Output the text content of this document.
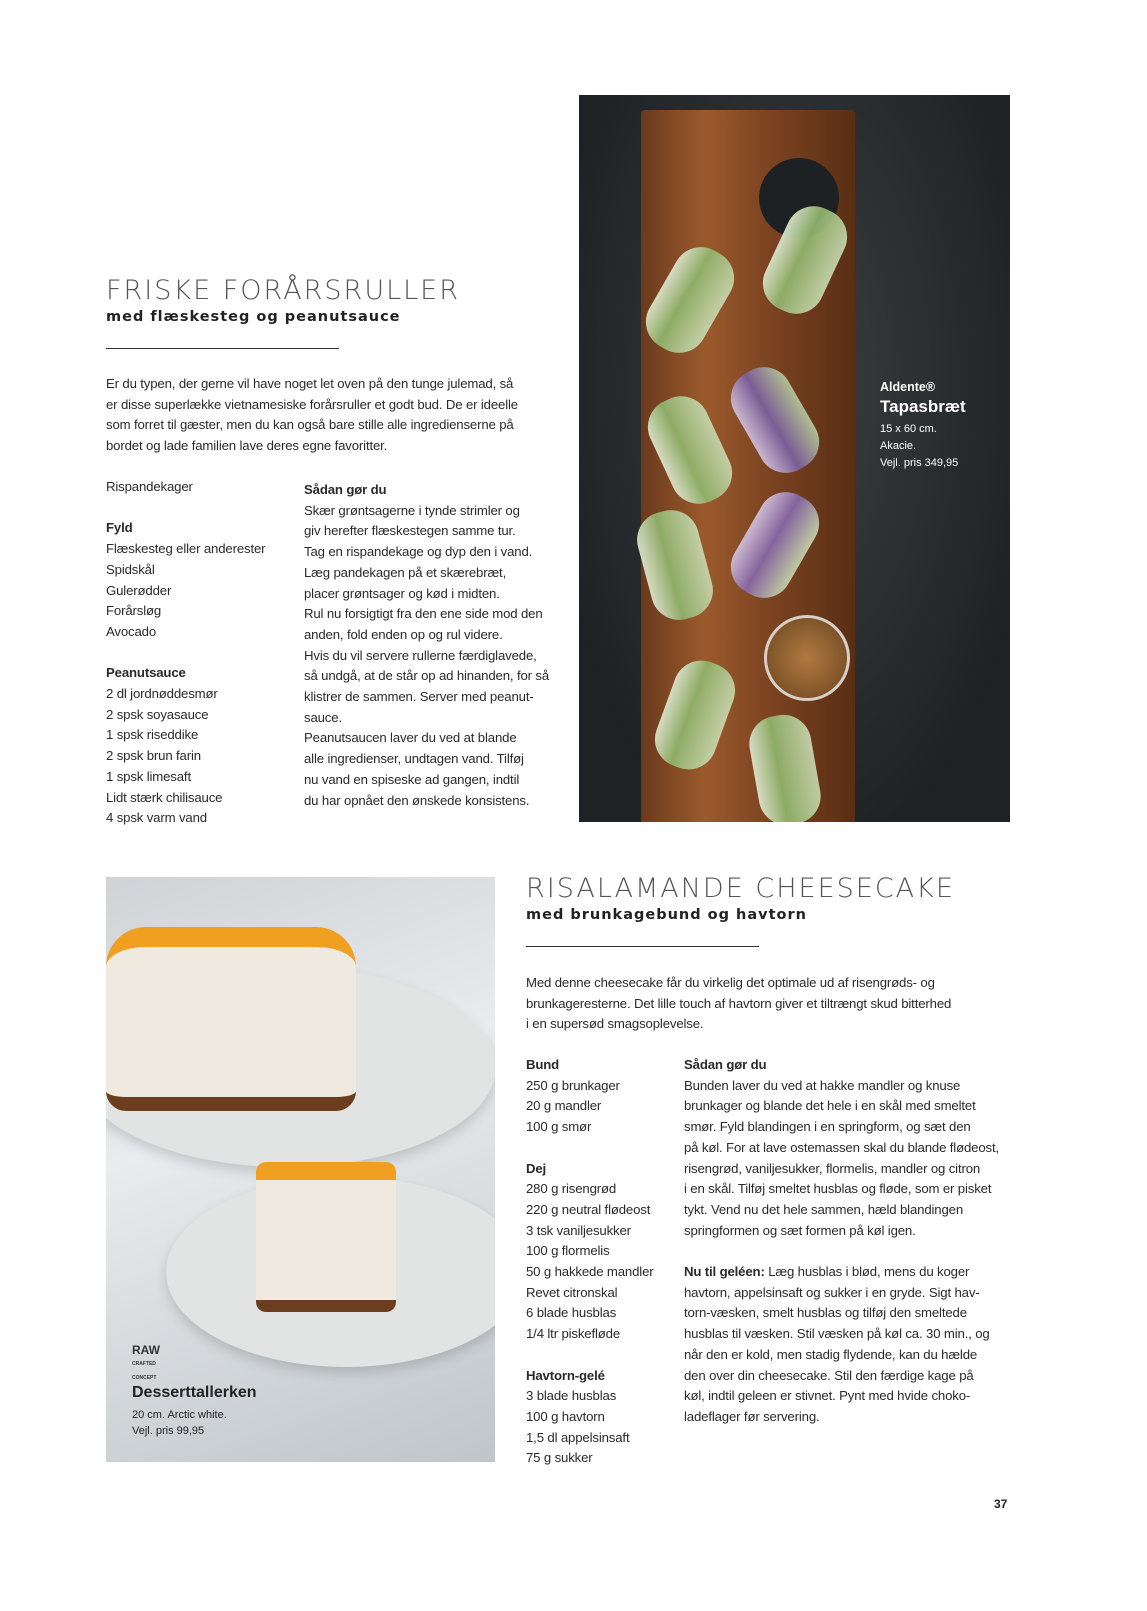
FRISKE FORÅRSRULLER
med flæskesteg og peanutsauce
Er du typen, der gerne vil have noget let oven på den tunge julemad, så
er disse superlække vietnamesiske forårsruller et godt bud. De er ideelle
som forret til gæster, men du kan også bare stille alle ingredienserne på
bordet og lade familien lave deres egne favoritter.
Rispandekager
Fyld
Flæskesteg eller anderester
Spidskål
Gulerødder
Forårsløg
Avocado
Peanutsauce
2 dl jordnøddesmør
2 spsk soyasauce
1 spsk riseddike
2 spsk brun farin
1 spsk limesaft
Lidt stærk chilisauce
4 spsk varm vand
Sådan gør du
Skær grøntsagerne i tynde strimler og
giv herefter flæskestegen samme tur.
Tag en rispandekage og dyp den i vand.
Læg pandekagen på et skærebræt,
placer grøntsager og kød i midten.
Rul nu forsigtigt fra den ene side mod den
anden, fold enden op og rul videre.
Hvis du vil servere rullerne færdiglavede,
så undgå, at de står op ad hinanden, for så
klistrer de sammen. Server med peanut-
sauce.
Peanutsaucen laver du ved at blande
alle ingredienser, undtagen vand. Tilføj
nu vand en spiseske ad gangen, indtil
du har opnået den ønskede konsistens.
Aldente®
Tapasbræt
15 x 60 cm.
Akacie.
Vejl. pris 349,95
RAW
CRAFTED
CONCEPT
Desserttallerken
20 cm. Arctic white.
Vejl. pris 99,95
RISALAMANDE CHEESECAKE
med brunkagebund og havtorn
Med denne cheesecake får du virkelig det optimale ud af risengrøds- og
brunkageresterne. Det lille touch af havtorn giver et tiltrængt skud bitterhed
i en supersød smagsoplevelse.
Bund
250 g brunkager
20 g mandler
100 g smør
Dej
280 g risengrød
220 g neutral flødeost
3 tsk vaniljesukker
100 g flormelis
50 g hakkede mandler
Revet citronskal
6 blade husblas
1/4 ltr piskefløde
Havtorn-gelé
3 blade husblas
100 g havtorn
1,5 dl appelsinsaft
75 g sukker
Sådan gør du
Bunden laver du ved at hakke mandler og knuse
brunkager og blande det hele i en skål med smeltet
smør. Fyld blandingen i en springform, og sæt den
på køl. For at lave ostemassen skal du blande flødeost,
risengrød, vaniljesukker, flormelis, mandler og citron
i en skål. Tilføj smeltet husblas og fløde, som er pisket
tykt. Vend nu det hele sammen, hæld blandingen
springformen og sæt formen på køl igen.
Nu til geléen: Læg husblas i blød, mens du koger
havtorn, appelsinsaft og sukker i en gryde. Sigt hav-
torn-væsken, smelt husblas og tilføj den smeltede
husblas til væsken. Stil væsken på køl ca. 30 min., og
når den er kold, men stadig flydende, kan du hælde
den over din cheesecake. Stil den færdige kage på
køl, indtil geleen er stivnet. Pynt med hvide choko-
ladeflager før servering.
37
